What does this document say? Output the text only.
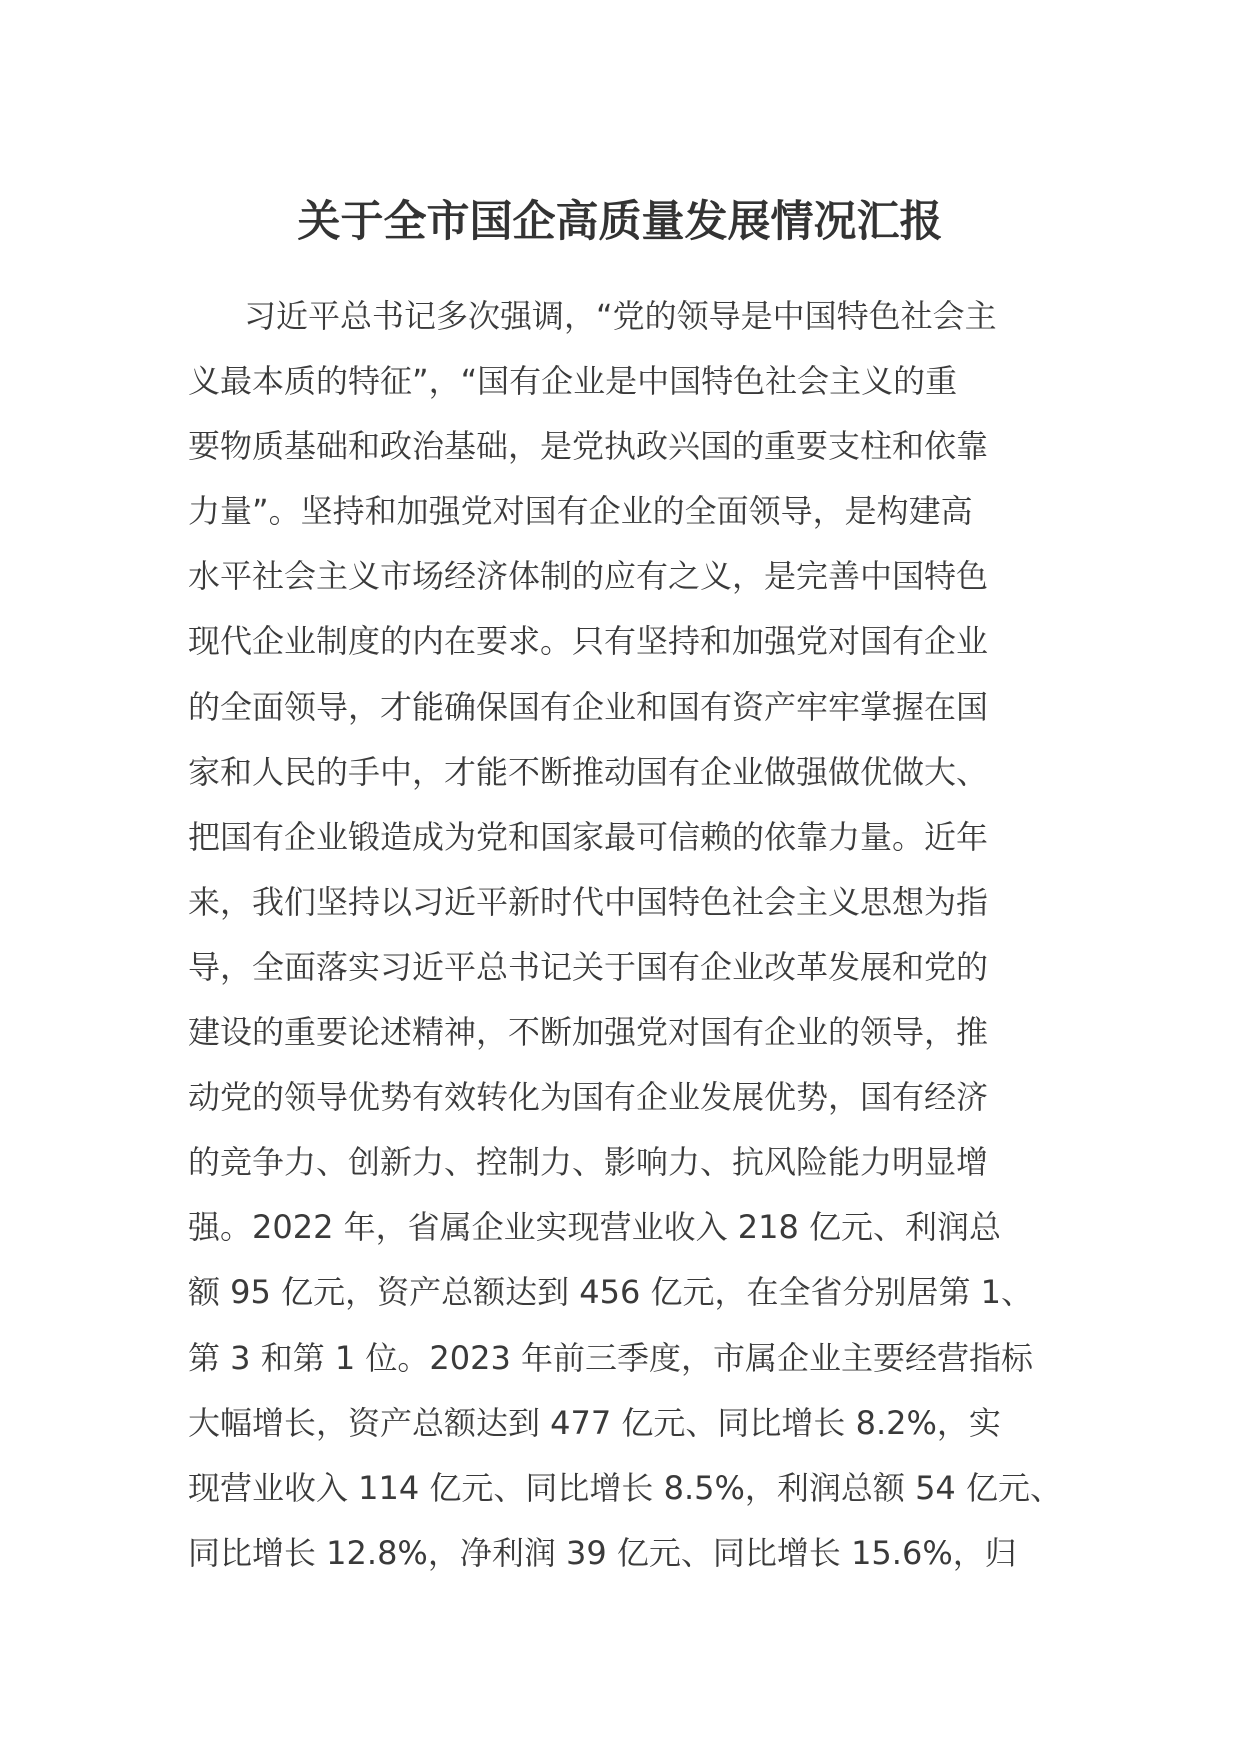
关于全市国企高质量发展情况汇报
习近平总书记多次强调，“党的领导是中国特色社会主
义最本质的特征”，“国有企业是中国特色社会主义的重
要物质基础和政治基础，是党执政兴国的重要支柱和依靠
力量”。坚持和加强党对国有企业的全面领导，是构建高
水平社会主义市场经济体制的应有之义，是完善中国特色
现代企业制度的内在要求。只有坚持和加强党对国有企业
的全面领导，才能确保国有企业和国有资产牢牢掌握在国
家和人民的手中，才能不断推动国有企业做强做优做大、
把国有企业锻造成为党和国家最可信赖的依靠力量。近年
来，我们坚持以习近平新时代中国特色社会主义思想为指
导，全面落实习近平总书记关于国有企业改革发展和党的
建设的重要论述精神，不断加强党对国有企业的领导，推
动党的领导优势有效转化为国有企业发展优势，国有经济
的竞争力、创新力、控制力、影响力、抗风险能力明显增
强。2022 年，省属企业实现营业收入 218 亿元、利润总
额 95 亿元，资产总额达到 456 亿元，在全省分别居第 1、
第 3 和第 1 位。2023 年前三季度，市属企业主要经营指标
大幅增长，资产总额达到 477 亿元、同比增长 8.2%，实
现营业收入 114 亿元、同比增长 8.5%，利润总额 54 亿元、
同比增长 12.8%，净利润 39 亿元、同比增长 15.6%，归
